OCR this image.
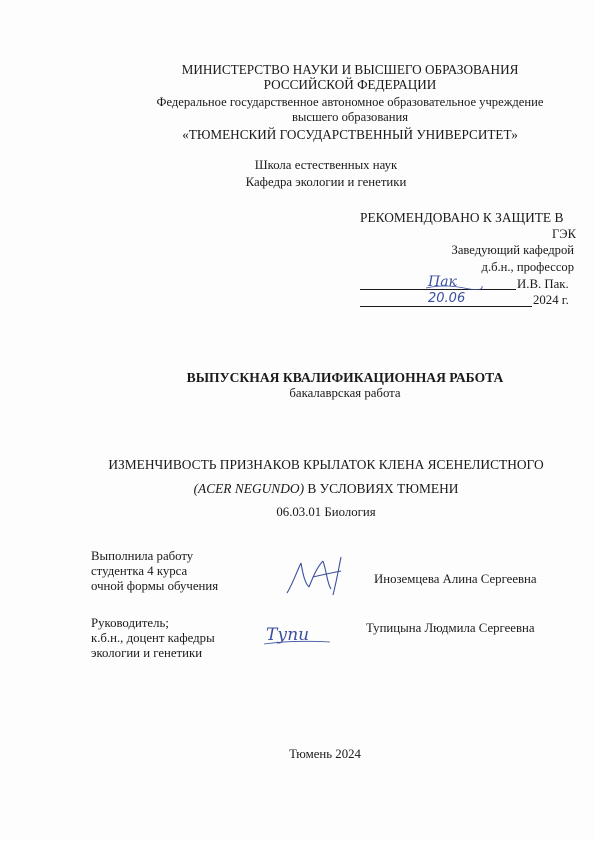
МИНИСТЕРСТВО НАУКИ И ВЫСШЕГО ОБРАЗОВАНИЯ
РОССИЙСКОЙ ФЕДЕРАЦИИ
Федеральное государственное автономное образовательное учреждение
высшего образования
«ТЮМЕНСКИЙ ГОСУДАРСТВЕННЫЙ УНИВЕРСИТЕТ»
Школа естественных наук
Кафедра экологии и генетики
РЕКОМЕНДОВАНО К ЗАЩИТЕ В
ГЭК
Заведующий кафедрой
д.б.н., профессор
Пак	И.В. Пак.
20.06	2024 г.
ВЫПУСКНАЯ КВАЛИФИКАЦИОННАЯ РАБОТА
бакалаврская работа
ИЗМЕНЧИВОСТЬ ПРИЗНАКОВ КРЫЛАТОК КЛЕНА ЯСЕНЕЛИСТНОГО
(ACER NEGUNDO) В УСЛОВИЯХ ТЮМЕНИ
06.03.01 Биология
Выполнила работу
студентка 4 курса
очной формы обучения	Иноземцева Алина Сергеевна
Руководитель;
к.б.н., доцент кафедры
экологии и генетики
Тупи	Тупицына Людмила Сергеевна
Тюмень 2024
